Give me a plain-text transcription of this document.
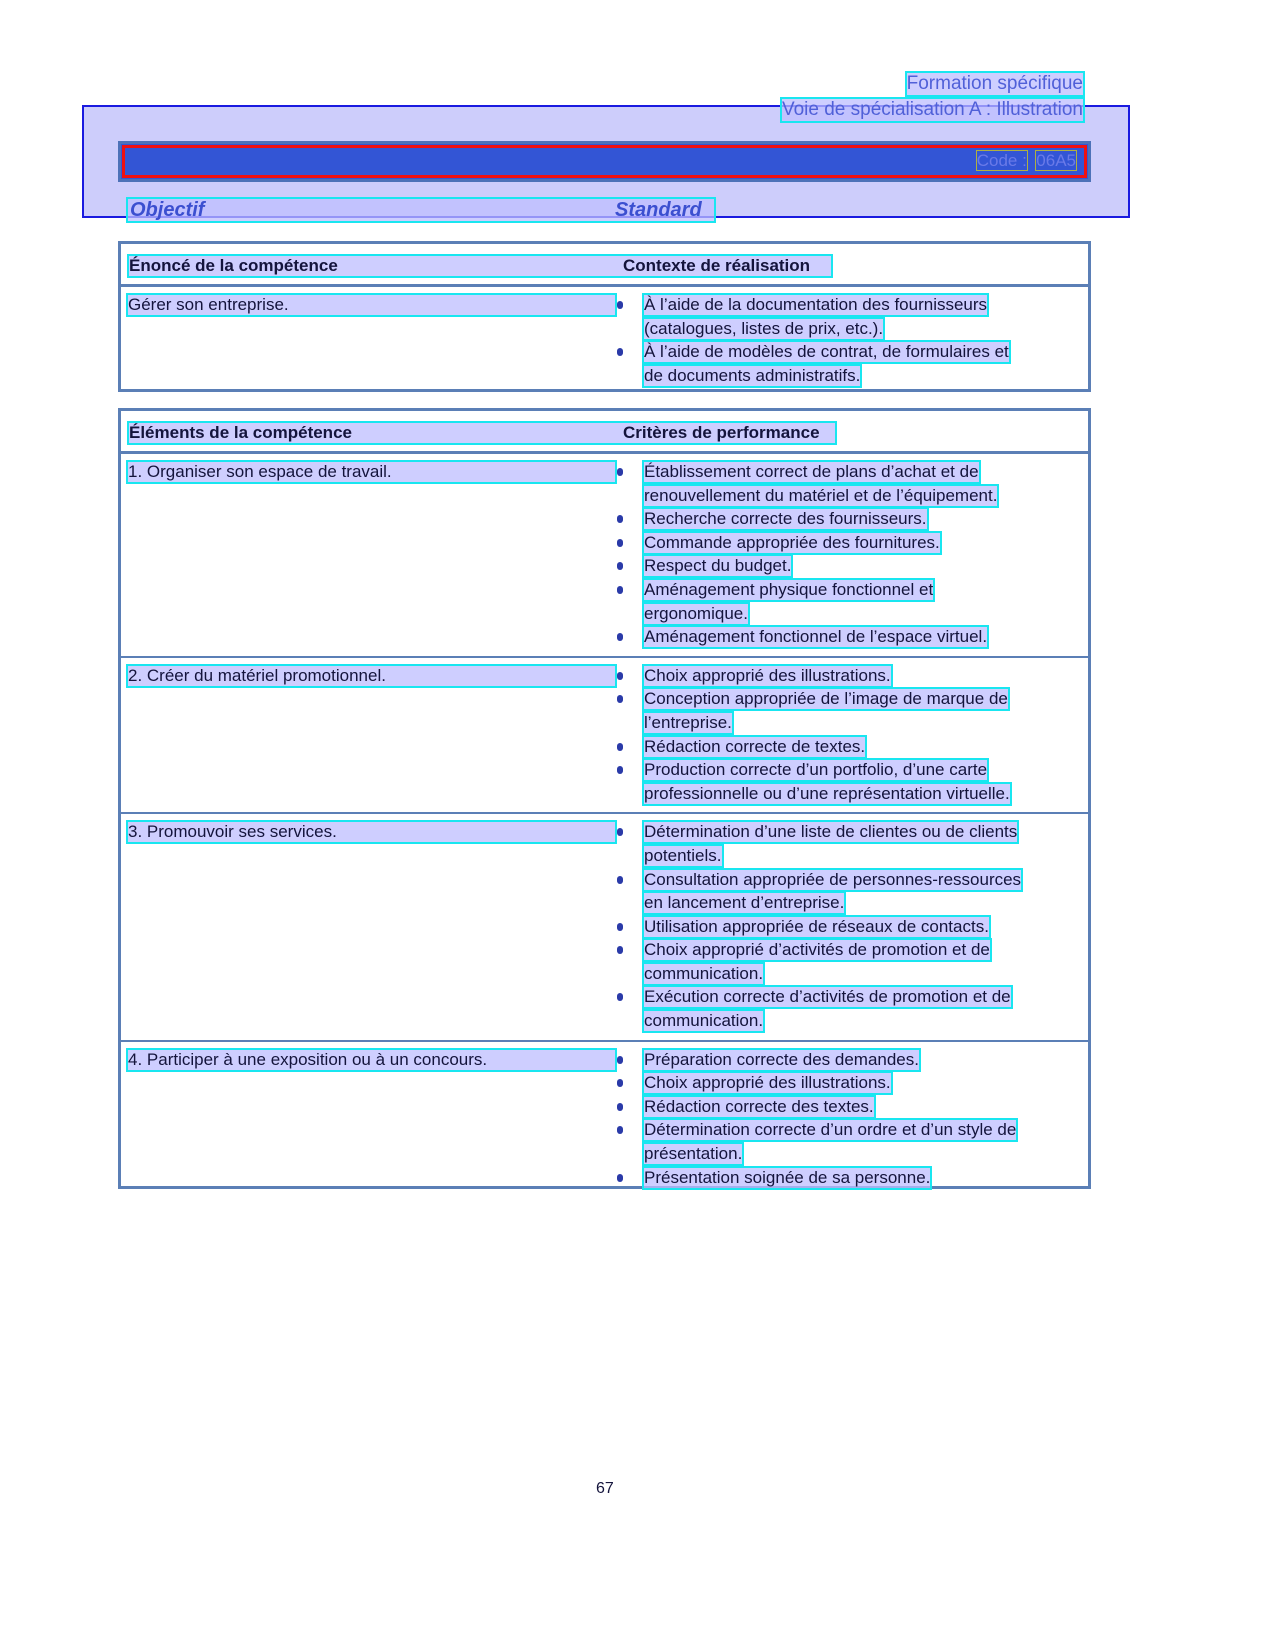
Formation spécifique
Voie de spécialisation A : Illustration
Code : 06A5
Objectif	Standard
Énoncé de la compétence	Contexte de réalisation
Gérer son entreprise.	À l’aide de la documentation des fournisseurs
(catalogues, listes de prix, etc.).
À l’aide de modèles de contrat, de formulaires et
de documents administratifs.
Éléments de la compétence	Critères de performance
1. Organiser son espace de travail.	Établissement correct de plans d’achat et de
renouvellement du matériel et de l’équipement.
Recherche correcte des fournisseurs.
Commande appropriée des fournitures.
Respect du budget.
Aménagement physique fonctionnel et
ergonomique.
Aménagement fonctionnel de l’espace virtuel.
2. Créer du matériel promotionnel.	Choix approprié des illustrations.
Conception appropriée de l’image de marque de
l’entreprise.
Rédaction correcte de textes.
Production correcte d’un portfolio, d’une carte
professionnelle ou d’une représentation virtuelle.
3. Promouvoir ses services.	Détermination d’une liste de clientes ou de clients
potentiels.
Consultation appropriée de personnes-ressources
en lancement d’entreprise.
Utilisation appropriée de réseaux de contacts.
Choix approprié d’activités de promotion et de
communication.
Exécution correcte d’activités de promotion et de
communication.
4. Participer à une exposition ou à un concours.	Préparation correcte des demandes.
Choix approprié des illustrations.
Rédaction correcte des textes.
Détermination correcte d’un ordre et d’un style de
présentation.
Présentation soignée de sa personne.
67
